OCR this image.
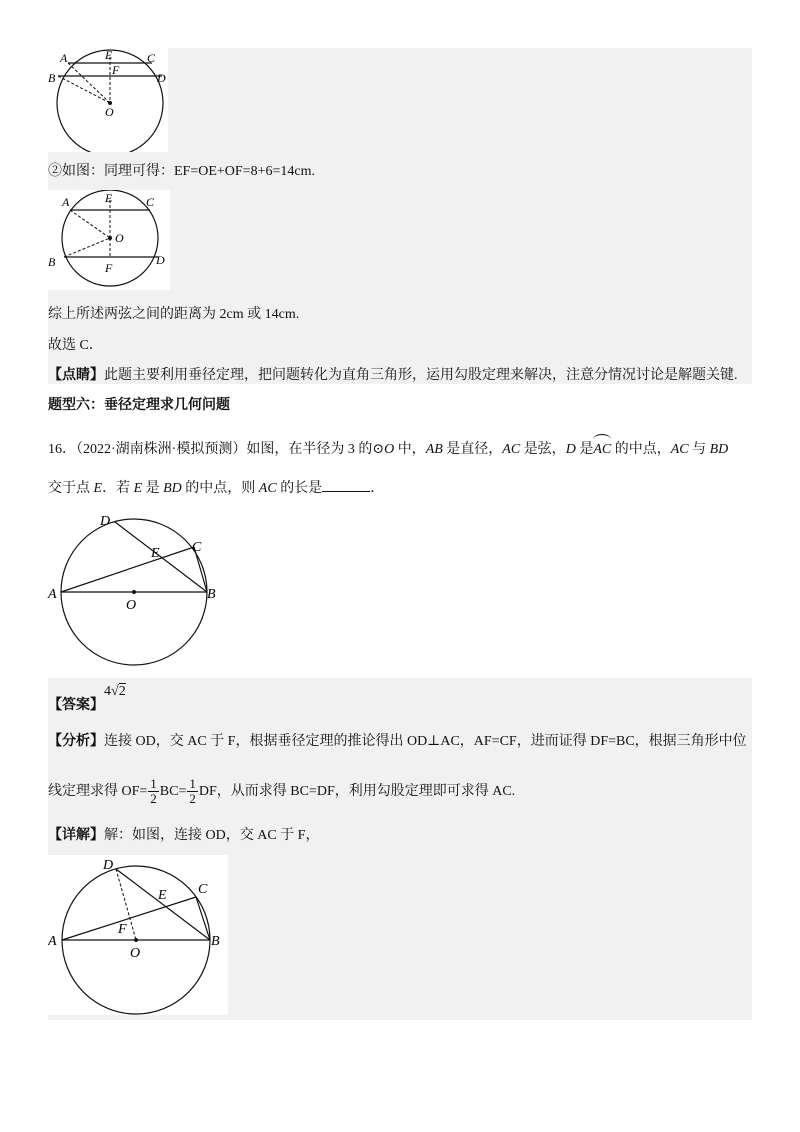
A	E	C
F
B	D
O
②如图：同理可得：EF=OE+OF=8+6=14cm.
A	E	C
O
B	F
D
综上所述两弦之间的距离为 2cm 或 14cm.
故选 C．
【点睛】此题主要利用垂径定理，把问题转化为直角三角形，运用勾股定理来解决，注意分情况讨论是解题关键.
题型六：垂径定理求几何问题
16．（2022·湖南株洲·模拟预测）如图，在半径为 3 的⊙O 中，AB 是直径，AC 是弦，D 是AC 的中点，AC 与 BD
交于点 E．若 E 是 BD 的中点，则 AC 的长是	．
D
E C
A
O
B
【答案】4√2
【分析】连接 OD，交 AC 于 F，根据垂径定理的推论得出 OD⊥AC，AF=CF，进而证得 DF=BC，根据三角形中位
线定理求得 $OF= \frac{1}{2} BC= \frac{1}{2}$ DF，从而求得 BC=DF，利用勾股定理即可求得 AC.
【详解】解：如图，连接 OD，交 AC 于 F，
D
E C
A
F
O
B
